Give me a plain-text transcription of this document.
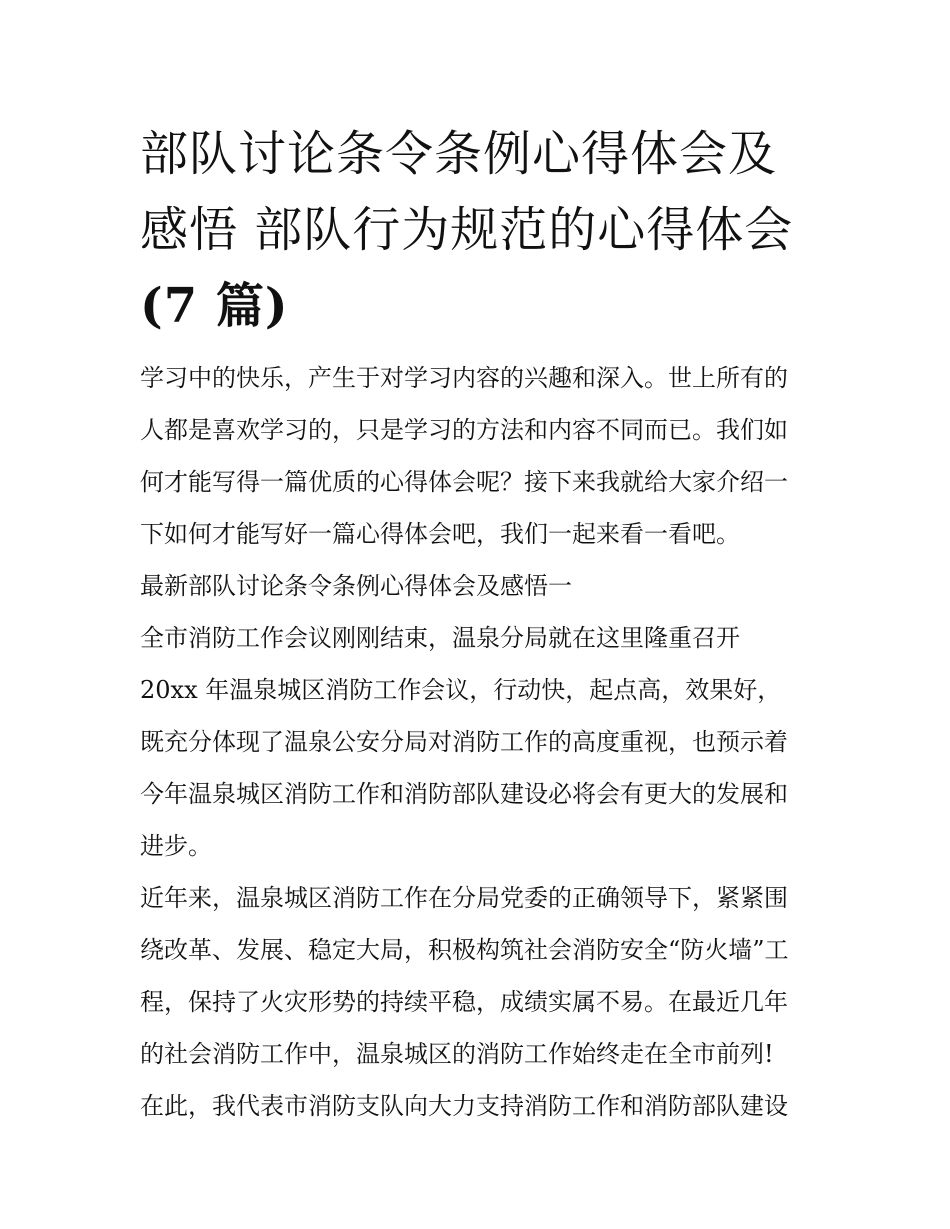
部队讨论条令条例心得体会及
感悟 部队行为规范的心得体会
(7 篇)
学习中的快乐，产生于对学习内容的兴趣和深入。世上所有的
人都是喜欢学习的，只是学习的方法和内容不同而已。我们如
何才能写得一篇优质的心得体会呢？接下来我就给大家介绍一
下如何才能写好一篇心得体会吧，我们一起来看一看吧。
最新部队讨论条令条例心得体会及感悟一
全市消防工作会议刚刚结束，温泉分局就在这里隆重召开
20xx 年温泉城区消防工作会议，行动快，起点高，效果好，
既充分体现了温泉公安分局对消防工作的高度重视，也预示着
今年温泉城区消防工作和消防部队建设必将会有更大的发展和
进步。
近年来，温泉城区消防工作在分局党委的正确领导下，紧紧围
绕改革、发展、稳定大局，积极构筑社会消防安全“防火墙”工
程，保持了火灾形势的持续平稳，成绩实属不易。在最近几年
的社会消防工作中，温泉城区的消防工作始终走在全市前列!
在此，我代表市消防支队向大力支持消防工作和消防部队建设
